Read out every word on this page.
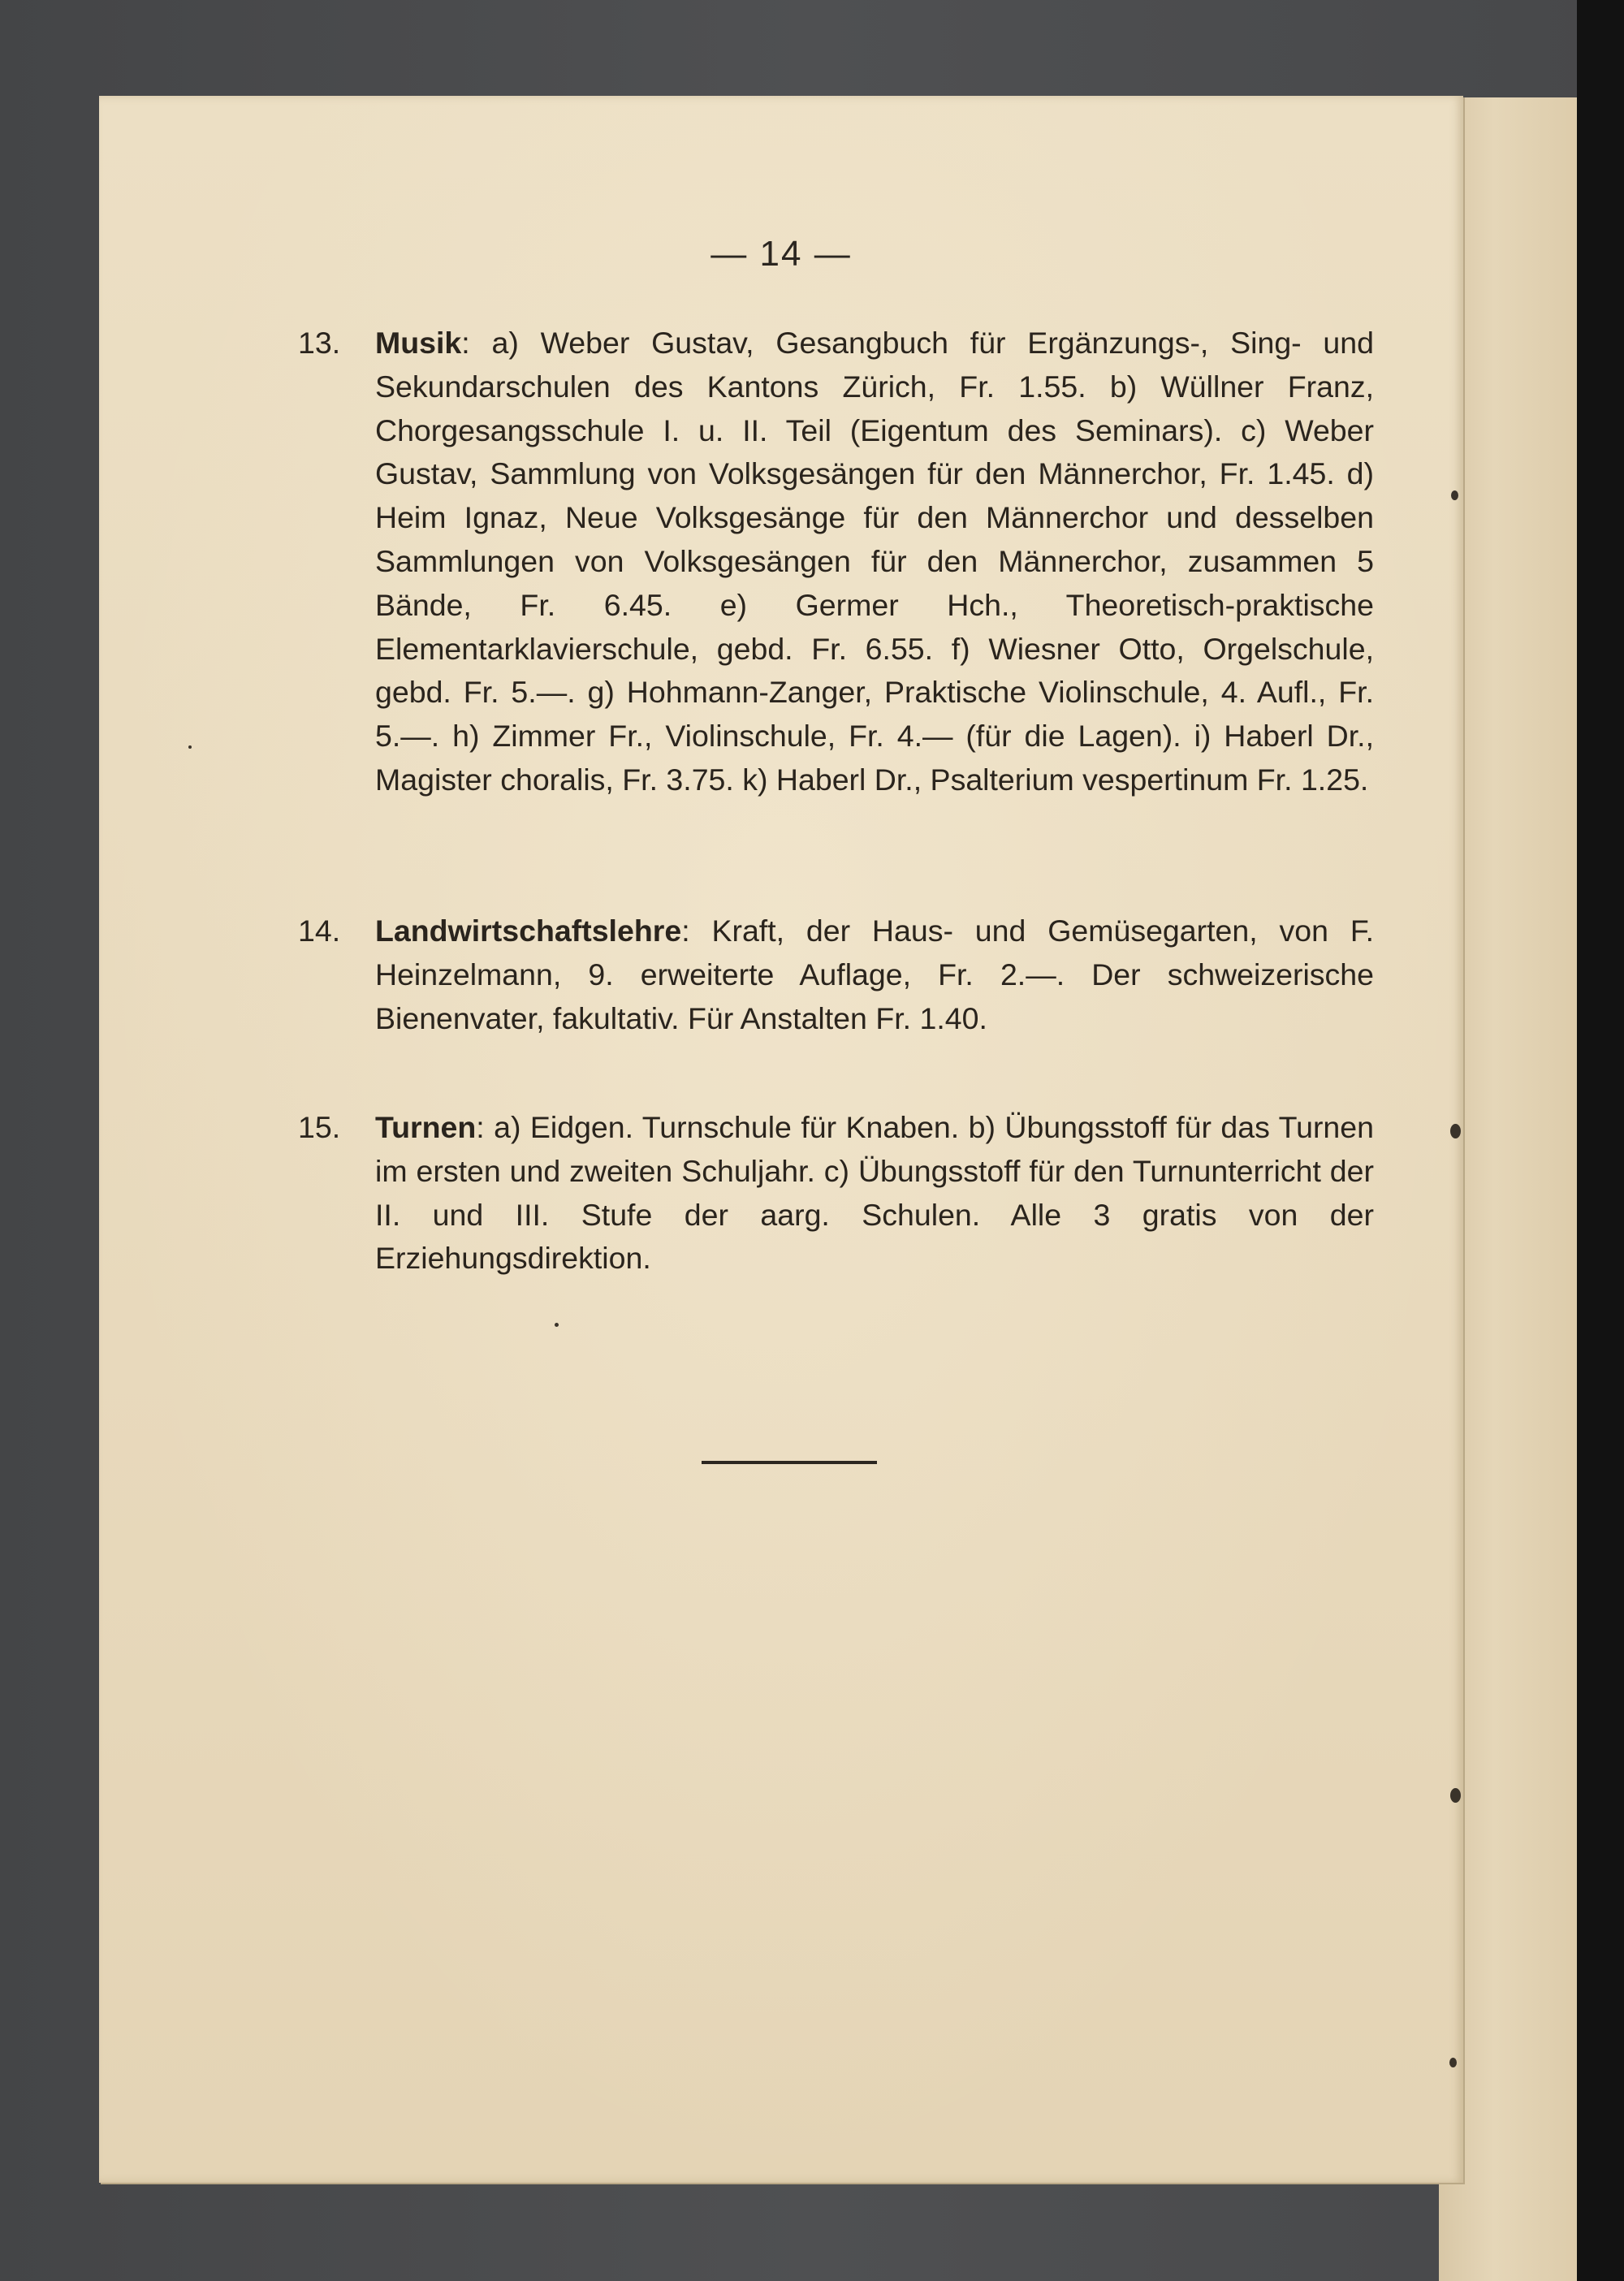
— 14 —
13.	Musik: a) Weber Gustav, Gesangbuch für Ergänzungs-, Sing- und Sekundarschulen des Kantons Zürich, Fr. 1.55. b) Wüllner Franz, Chorgesangsschule I. u. II. Teil (Eigentum des Seminars). c) Weber Gustav, Sammlung von Volksgesängen für den Männerchor, Fr. 1.45. d) Heim Ignaz, Neue Volksgesänge für den Männerchor und desselben Sammlungen von Volksgesängen für den Männerchor, zusammen 5 Bände, Fr. 6.45. e) Germer Hch., Theoretisch-praktische Elementarklavierschule, gebd. Fr. 6.55. f) Wiesner Otto, Orgelschule, gebd. Fr. 5.—. g) Hohmann-Zanger, Praktische Violinschule, 4. Aufl., Fr. 5.—. h) Zimmer Fr., Violinschule, Fr. 4.— (für die Lagen). i) Haberl Dr., Magister choralis, Fr. 3.75. k) Haberl Dr., Psalterium vespertinum Fr. 1.25.
14.	Landwirtschaftslehre: Kraft, der Haus- und Gemüsegarten, von F. Heinzelmann, 9. erweiterte Auflage, Fr. 2.—. Der schweizerische Bienenvater, fakultativ. Für Anstalten Fr. 1.40.
15.	Turnen: a) Eidgen. Turnschule für Knaben. b) Übungsstoff für das Turnen im ersten und zweiten Schuljahr. c) Übungsstoff für den Turnunterricht der II. und III. Stufe der aarg. Schulen. Alle 3 gratis von der Erziehungsdirektion.
